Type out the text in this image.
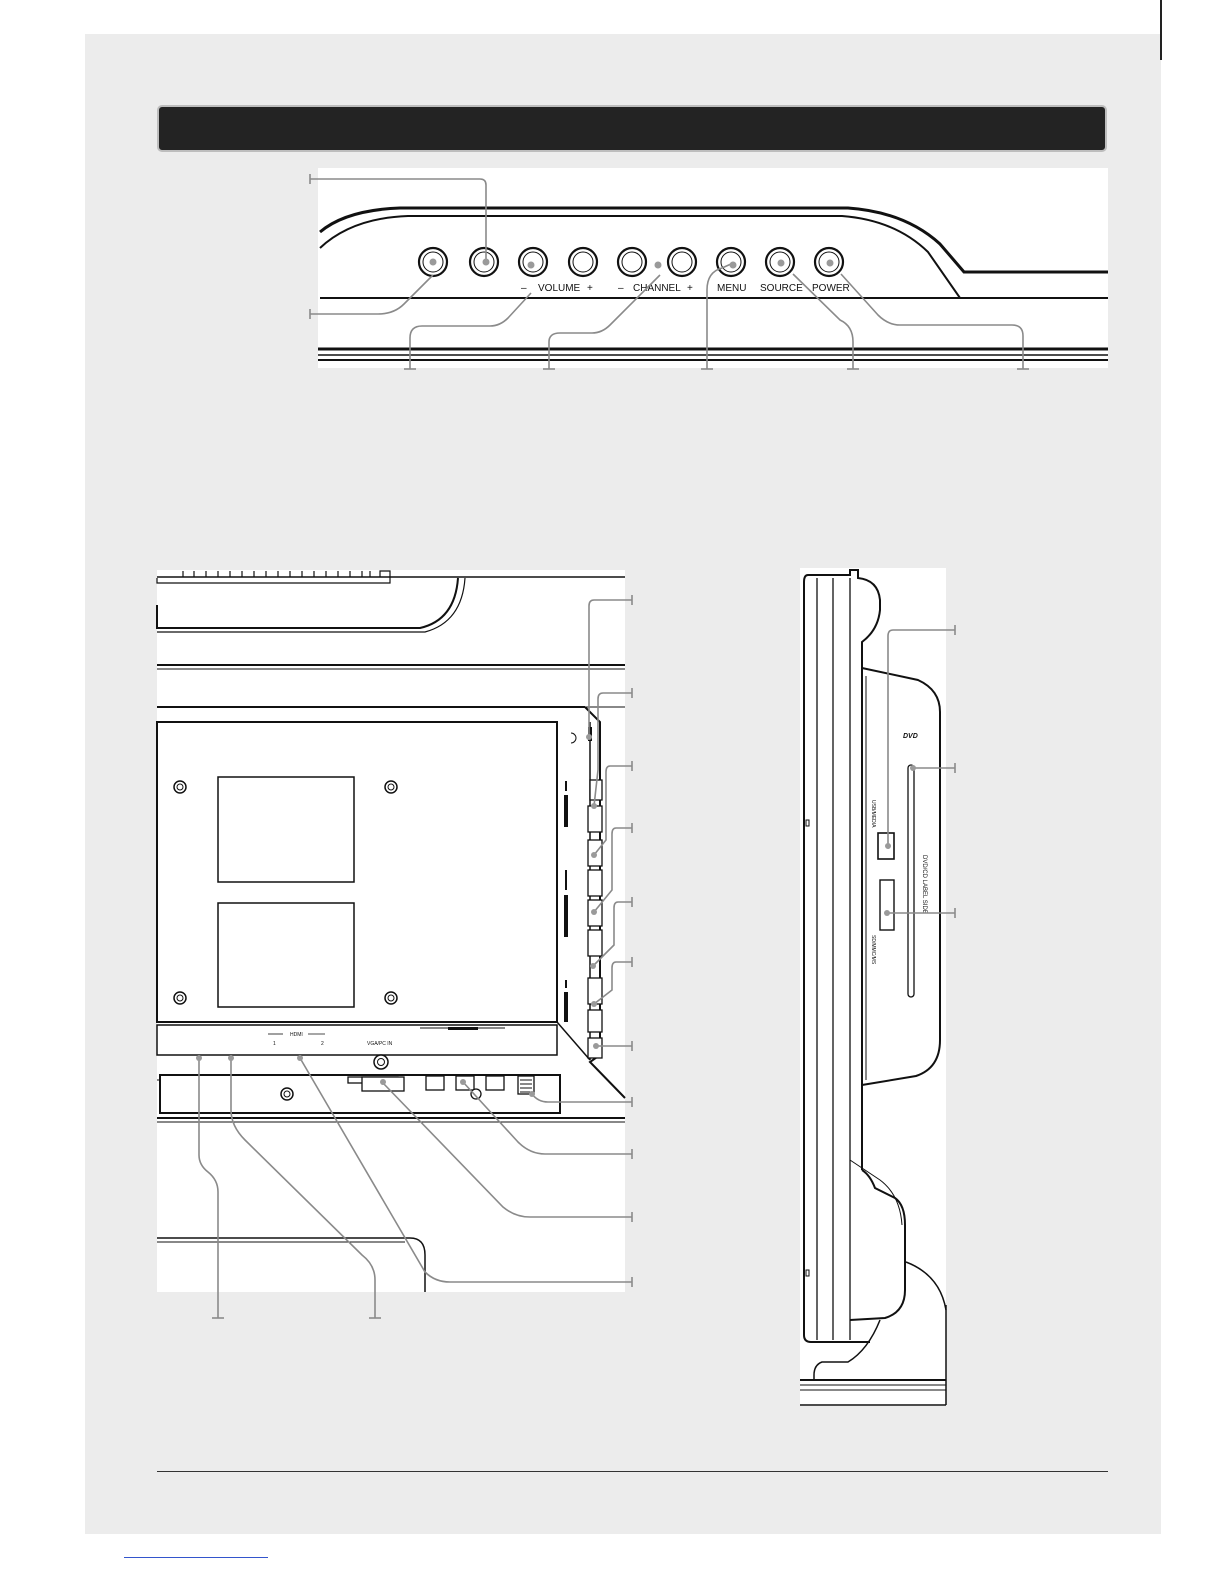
– VOLUME +	– CHANNEL + MENU SOURCE POWER
HDMI
1	2	VGA/PC IN
DVD
DVD/CD LABEL SIDE
USB/MEDIA
SD/MMC/MS
